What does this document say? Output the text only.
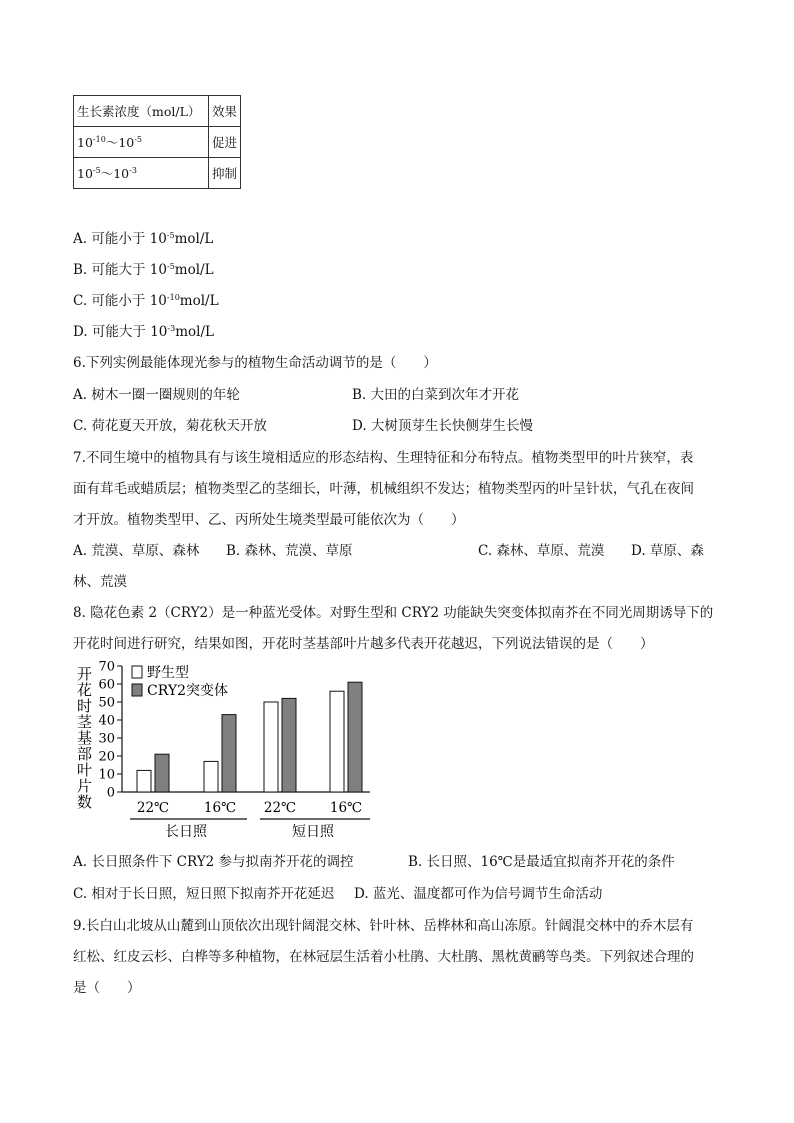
生长素浓度（mol/L）	效果
$10^{-10}\sim 10^{-5}$	促进
$10^{-5}\sim 10^{-3}$	抑制
A. 可能小于 $10^{-5}mol/L$
B. 可能大于 $10^{-5}mol/L$
C. 可能小于 $10^{-10}mol/L$
D. 可能大于 $10^{-3}mol/L$
6.下列实例最能体现光参与的植物生命活动调节的是（　　）
A. 树木一圈一圈规则的年轮	B. 大田的白菜到次年才开花
C. 荷花夏天开放，菊花秋天开放	D. 大树顶芽生长快侧芽生长慢
7.不同生境中的植物具有与该生境相适应的形态结构、生理特征和分布特点。植物类型甲的叶片狭窄，表
面有茸毛或蜡质层；植物类型乙的茎细长，叶薄，机械组织不发达；植物类型丙的叶呈针状，气孔在夜间
才开放。植物类型甲、乙、丙所处生境类型最可能依次为（　　）
A. 荒漠、草原、森林 B. 森林、荒漠、草原	C. 森林、草原、荒漠 D. 草原、森
林、荒漠
8. 隐花色素 2（CRY2）是一种蓝光受体。对野生型和 CRY2 功能缺失突变体拟南芥在不同光周期诱导下的
开花时间进行研究，结果如图，开花时茎基部叶片越多代表开花越迟，下列说法错误的是（　　）
开花时茎基部叶片数 0
10
20
30
40
50
60
70
22℃	16℃ 22℃ 16℃
长日照	短日照
野生型
CRY2突变体
A. 长日照条件下 CRY2 参与拟南芥开花的调控	B. 长日照、16℃是最适宜拟南芥开花的条件
C. 相对于长日照，短日照下拟南芥开花延迟 D. 蓝光、温度都可作为信号调节生命活动
9.长白山北坡从山麓到山顶依次出现针阔混交林、针叶林、岳桦林和高山冻原。针阔混交林中的乔木层有
红松、红皮云杉、白桦等多种植物，在林冠层生活着小杜鹃、大杜鹃、黑枕黄鹂等鸟类。下列叙述合理的
是（　　）
